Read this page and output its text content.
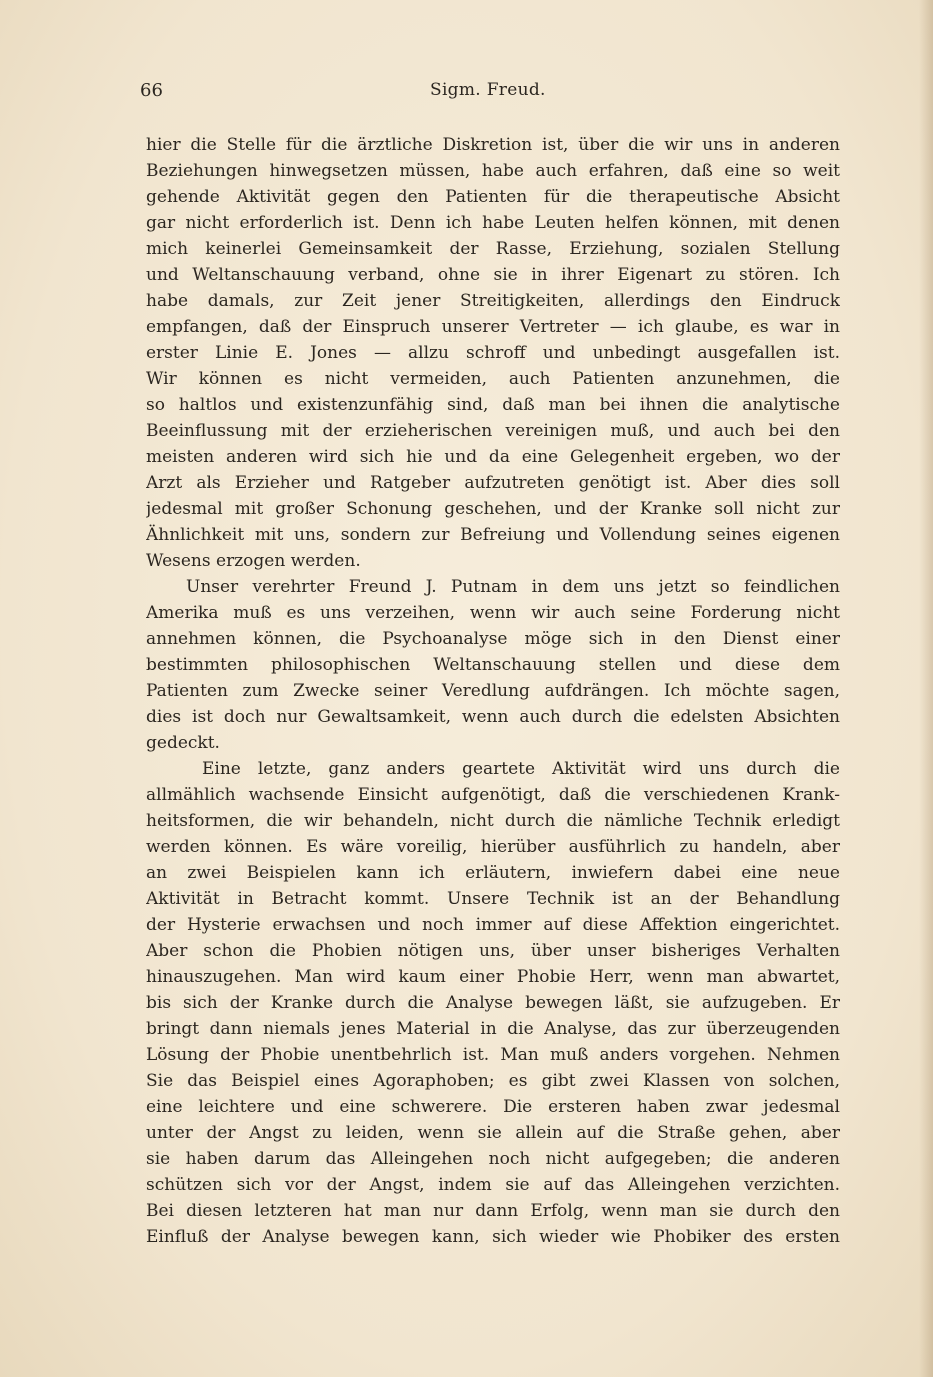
66	Sigm. Freud.
hier die Stelle für die ärztliche Diskretion ist, über die wir uns in anderen
Beziehungen hinwegsetzen müssen, habe auch erfahren, daß eine so weit
gehende Aktivität gegen den Patienten für die therapeutische Absicht
gar nicht erforderlich ist. Denn ich habe Leuten helfen können, mit denen
mich keinerlei Gemeinsamkeit der Rasse, Erziehung, sozialen Stellung
und Weltanschauung verband, ohne sie in ihrer Eigenart zu stören. Ich
habe damals, zur Zeit jener Streitigkeiten, allerdings den Eindruck
empfangen, daß der Einspruch unserer Vertreter — ich glaube, es war in
erster Linie E. Jones — allzu schroff und unbedingt ausgefallen ist.
Wir können es nicht vermeiden, auch Patienten anzunehmen, die
so haltlos und existenzunfähig sind, daß man bei ihnen die analytische
Beeinflussung mit der erzieherischen vereinigen muß, und auch bei den
meisten anderen wird sich hie und da eine Gelegenheit ergeben, wo der
Arzt als Erzieher und Ratgeber aufzutreten genötigt ist. Aber dies soll
jedesmal mit großer Schonung geschehen, und der Kranke soll nicht zur
Ähnlichkeit mit uns, sondern zur Befreiung und Vollendung seines eigenen
Wesens erzogen werden.
Unser verehrter Freund J. Putnam in dem uns jetzt so feindlichen
Amerika muß es uns verzeihen, wenn wir auch seine Forderung nicht
annehmen können, die Psychoanalyse möge sich in den Dienst einer
bestimmten philosophischen Weltanschauung stellen und diese dem
Patienten zum Zwecke seiner Veredlung aufdrängen. Ich möchte sagen,
dies ist doch nur Gewaltsamkeit, wenn auch durch die edelsten Absichten
gedeckt.
Eine letzte, ganz anders geartete Aktivität wird uns durch die
allmählich wachsende Einsicht aufgenötigt, daß die verschiedenen Krank-
heitsformen, die wir behandeln, nicht durch die nämliche Technik erledigt
werden können. Es wäre voreilig, hierüber ausführlich zu handeln, aber
an zwei Beispielen kann ich erläutern, inwiefern dabei eine neue
Aktivität in Betracht kommt. Unsere Technik ist an der Behandlung
der Hysterie erwachsen und noch immer auf diese Affektion eingerichtet.
Aber schon die Phobien nötigen uns, über unser bisheriges Verhalten
hinauszugehen. Man wird kaum einer Phobie Herr, wenn man abwartet,
bis sich der Kranke durch die Analyse bewegen läßt, sie aufzugeben. Er
bringt dann niemals jenes Material in die Analyse, das zur überzeugenden
Lösung der Phobie unentbehrlich ist. Man muß anders vorgehen. Nehmen
Sie das Beispiel eines Agoraphoben; es gibt zwei Klassen von solchen,
eine leichtere und eine schwerere. Die ersteren haben zwar jedesmal
unter der Angst zu leiden, wenn sie allein auf die Straße gehen, aber
sie haben darum das Alleingehen noch nicht aufgegeben; die anderen
schützen sich vor der Angst, indem sie auf das Alleingehen verzichten.
Bei diesen letzteren hat man nur dann Erfolg, wenn man sie durch den
Einfluß der Analyse bewegen kann, sich wieder wie Phobiker des ersten
